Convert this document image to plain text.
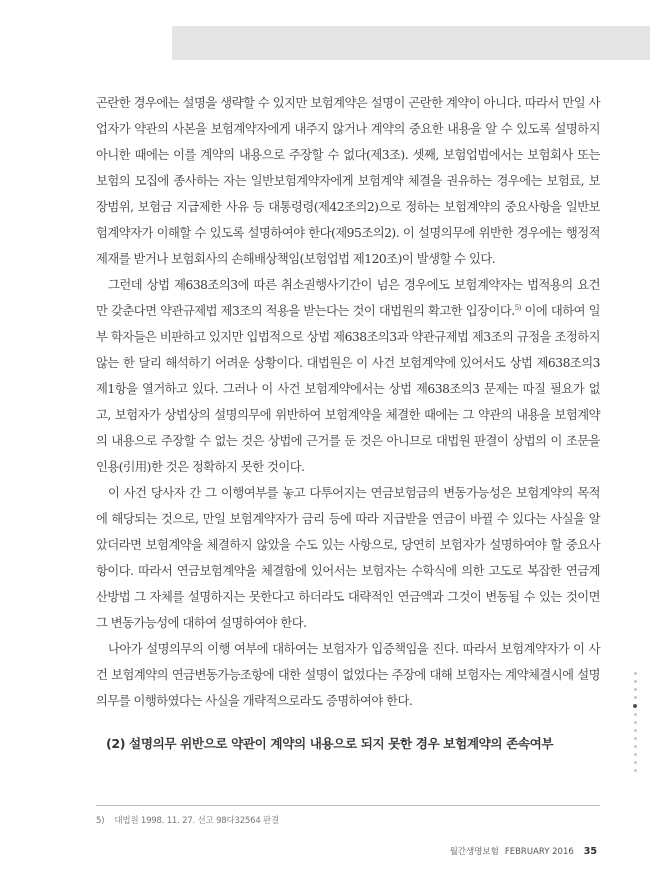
곤란한 경우에는 설명을 생략할 수 있지만 보험계약은 설명이 곤란한 계약이 아니다. 따라서 만일 사업자가 약관의 사본을 보험계약자에게 내주지 않거나 계약의 중요한 내용을 알 수 있도록 설명하지 아니한 때에는 이를 계약의 내용으로 주장할 수 없다(제3조). 셋째, 보험업법에서는 보험회사 또는 보험의 모집에 종사하는 자는 일반보험계약자에게 보험계약 체결을 권유하는 경우에는 보험료, 보장범위, 보험금 지급제한 사유 등 대통령령(제42조의2)으로 정하는 보험계약의 중요사항을 일반보험계약자가 이해할 수 있도록 설명하여야 한다(제95조의2). 이 설명의무에 위반한 경우에는 행정적 제재를 받거나 보험회사의 손해배상책임(보험업법 제120조)이 발생할 수 있다.

그런데 상법 제638조의3에 따른 취소권행사기간이 넘은 경우에도 보험계약자는 법적용의 요건만 갖춘다면 약관규제법 제3조의 적용을 받는다는 것이 대법원의 확고한 입장이다.$^{5)}$ 이에 대하여 일부 학자들은 비판하고 있지만 입법적으로 상법 제638조의3과 약관규제법 제3조의 규정을 조정하지 않는 한 달리 해석하기 어려운 상황이다. 대법원은 이 사건 보험계약에 있어서도 상법 제638조의3 제1항을 열거하고 있다. 그러나 이 사건 보험계약에서는 상법 제638조의3 문제는 따질 필요가 없고, 보험자가 상법상의 설명의무에 위반하여 보험계약을 체결한 때에는 그 약관의 내용을 보험계약의 내용으로 주장할 수 없는 것은 상법에 근거를 둔 것은 아니므로 대법원 판결이 상법의 이 조문을 인용(引用)한 것은 정확하지 못한 것이다.

이 사건 당사자 간 그 이행여부를 놓고 다투어지는 연금보험금의 변동가능성은 보험계약의 목적에 해당되는 것으로, 만일 보험계약자가 금리 등에 따라 지급받을 연금이 바뀔 수 있다는 사실을 알았더라면 보험계약을 체결하지 않았을 수도 있는 사항으로, 당연히 보험자가 설명하여야 할 중요사항이다. 따라서 연금보험계약을 체결함에 있어서는 보험자는 수학식에 의한 고도로 복잡한 연금계산방법 그 자체를 설명하지는 못한다고 하더라도 대략적인 연금액과 그것이 변동될 수 있는 것이면 그 변동가능성에 대하여 설명하여야 한다.

나아가 설명의무의 이행 여부에 대하여는 보험자가 입증책임을 진다. 따라서 보험계약자가 이 사건 보험계약의 연금변동가능조항에 대한 설명이 없었다는 주장에 대해 보험자는 계약체결시에 설명의무를 이행하였다는 사실을 개략적으로라도 증명하여야 한다.

(2) 설명의무 위반으로 약관이 계약의 내용으로 되지 못한 경우 보험계약의 존속여부
5) 대법원 1998. 11. 27. 선고 98다32564 판결
월간생명보험 FEBRUARY 2016 35
